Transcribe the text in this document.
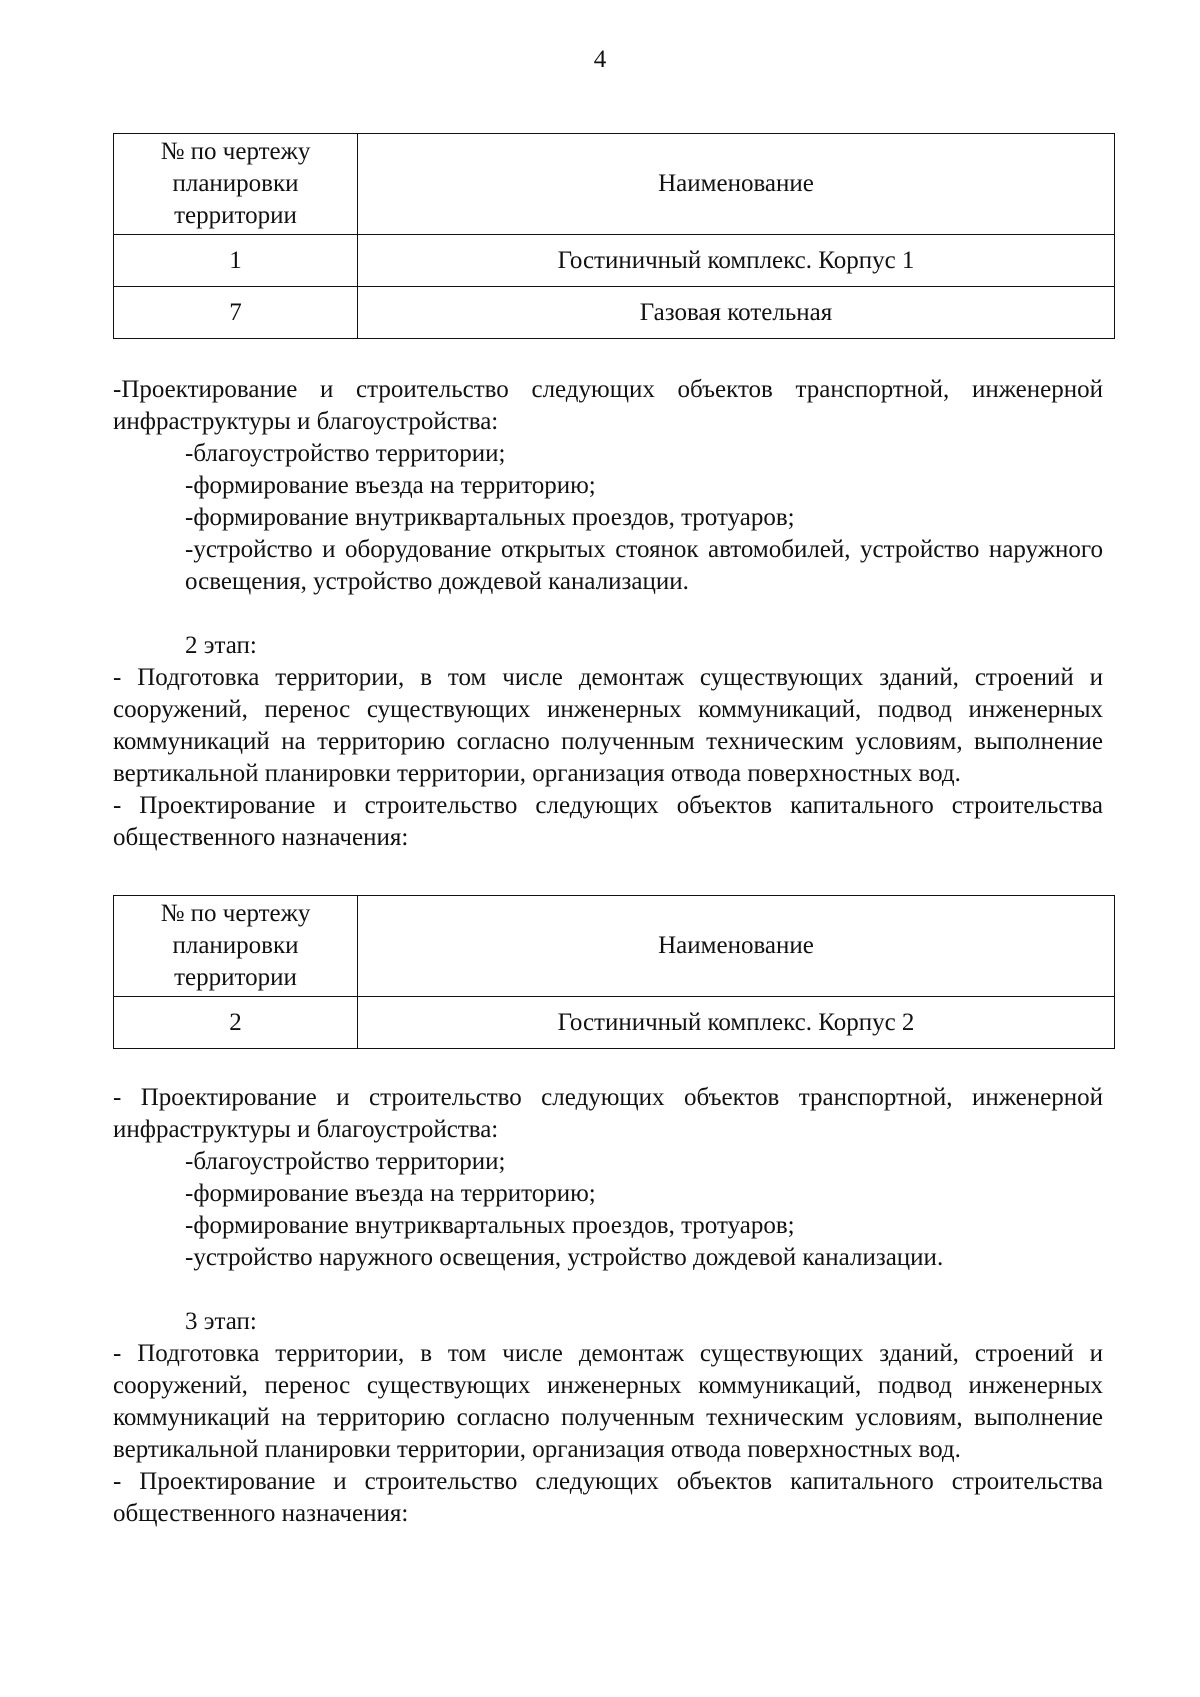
4
№ по чертежу планировки территории	Наименование
1	Гостиничный комплекс. Корпус 1
7	Газовая котельная

-Проектирование и строительство следующих объектов транспортной, инженерной инфраструктуры и благоустройства:

-благоустройство территории;

-формирование въезда на территорию;

-формирование внутриквартальных проездов, тротуаров;

-устройство и оборудование открытых стоянок автомобилей, устройство наружного освещения, устройство дождевой канализации.

2 этап:

- Подготовка территории, в том числе демонтаж существующих зданий, строений и сооружений, перенос существующих инженерных коммуникаций, подвод инженерных коммуникаций на территорию согласно полученным техническим условиям, выполнение вертикальной планировки территории, организация отвода поверхностных вод.

- Проектирование и строительство следующих объектов капитального строительства общественного назначения:

№ по чертежу планировки территории	Наименование
2	Гостиничный комплекс. Корпус 2

- Проектирование и строительство следующих объектов транспортной, инженерной инфраструктуры и благоустройства:

-благоустройство территории;

-формирование въезда на территорию;

-формирование внутриквартальных проездов, тротуаров;

-устройство наружного освещения, устройство дождевой канализации.

3 этап:

- Подготовка территории, в том числе демонтаж существующих зданий, строений и сооружений, перенос существующих инженерных коммуникаций, подвод инженерных коммуникаций на территорию согласно полученным техническим условиям, выполнение вертикальной планировки территории, организация отвода поверхностных вод.

- Проектирование и строительство следующих объектов капитального строительства общественного назначения:
